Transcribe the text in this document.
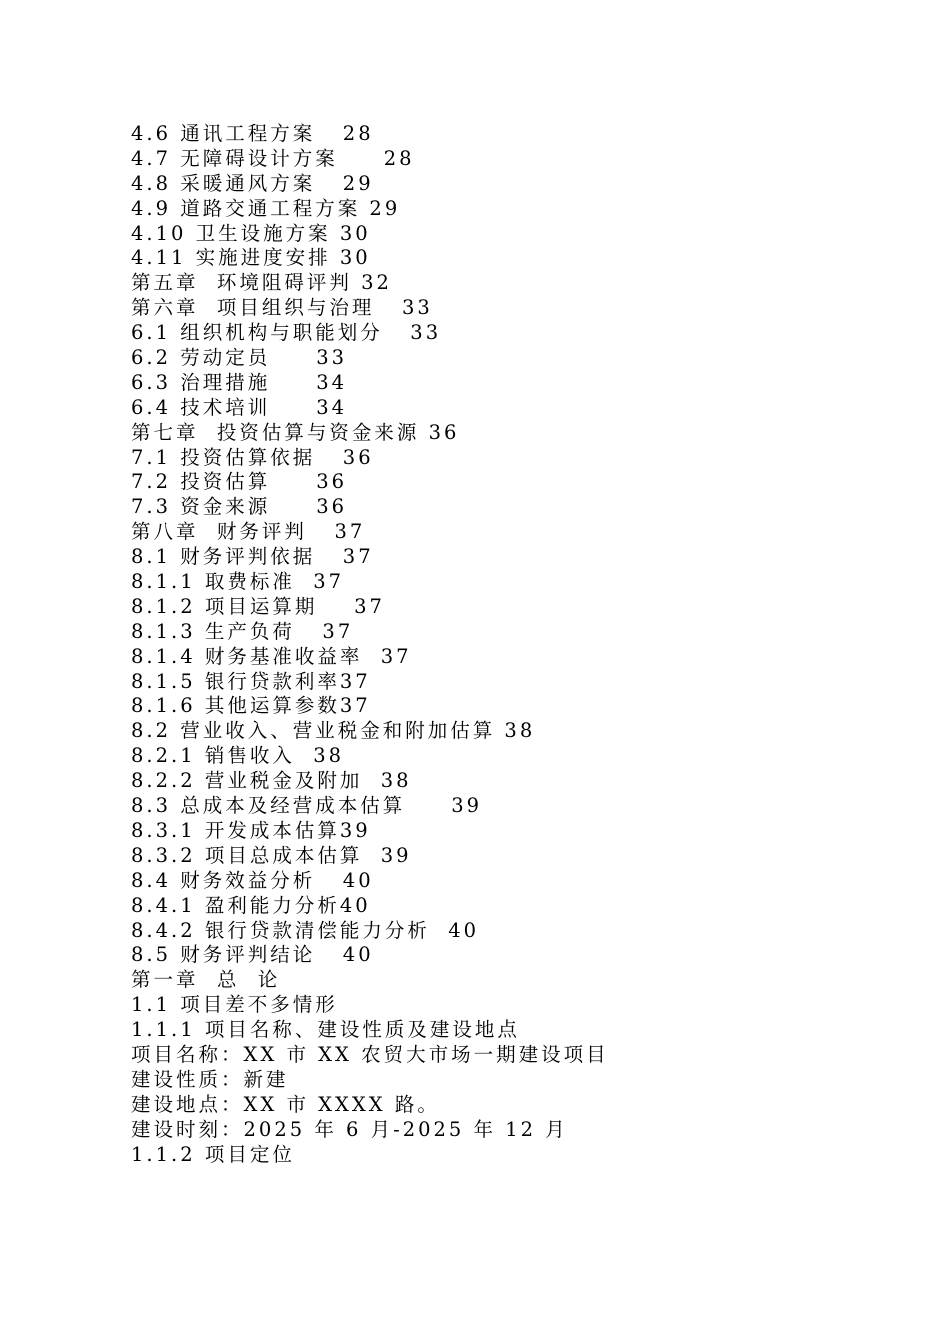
4.6 通讯工程方案   28
4.7 无障碍设计方案     28
4.8 采暖通风方案   29
4.9 道路交通工程方案 29
4.10 卫生设施方案 30
4.11 实施进度安排 30
第五章  环境阻碍评判 32
第六章  项目组织与治理   33
6.1 组织机构与职能划分   33
6.2 劳动定员     33
6.3 治理措施     34
6.4 技术培训     34
第七章  投资估算与资金来源 36
7.1 投资估算依据   36
7.2 投资估算     36
7.3 资金来源     36
第八章  财务评判   37
8.1 财务评判依据   37
8.1.1 取费标准  37
8.1.2 项目运算期    37
8.1.3 生产负荷   37
8.1.4 财务基准收益率  37
8.1.5 银行贷款利率37
8.1.6 其他运算参数37
8.2 营业收入、营业税金和附加估算 38
8.2.1 销售收入  38
8.2.2 营业税金及附加  38
8.3 总成本及经营成本估算     39
8.3.1 开发成本估算39
8.3.2 项目总成本估算  39
8.4 财务效益分析   40
8.4.1 盈利能力分析40
8.4.2 银行贷款清偿能力分析  40
8.5 财务评判结论   40
第一章  总  论
1.1 项目差不多情形
1.1.1 项目名称、建设性质及建设地点
项目名称：XX 市 XX 农贸大市场一期建设项目
建设性质：新建
建设地点：XX 市 XXXX 路。
建设时刻：2025 年 6 月-2025 年 12 月
1.1.2 项目定位
